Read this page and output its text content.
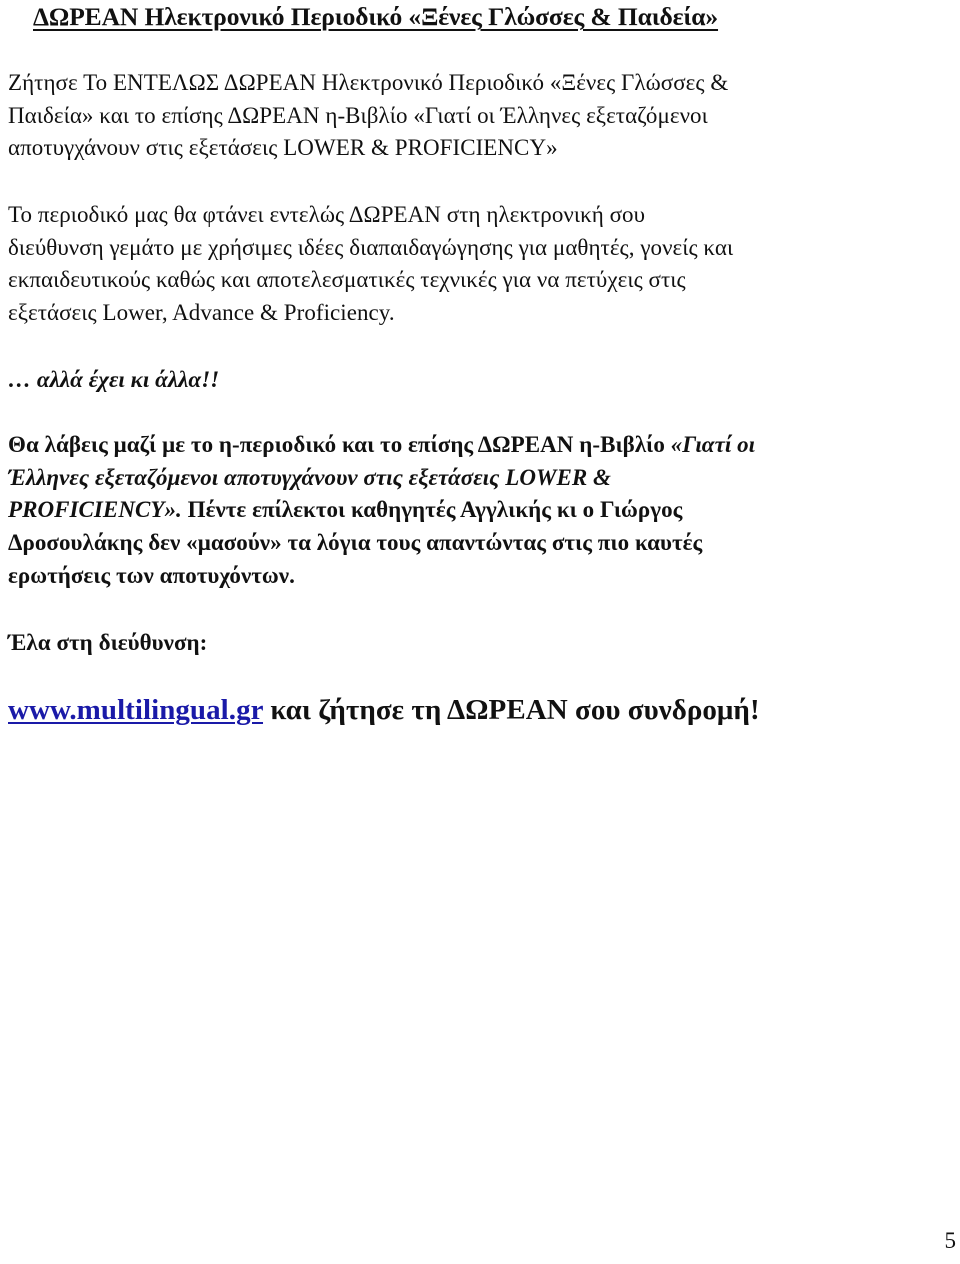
ΔΩΡΕΑΝ Ηλεκτρονικό Περιοδικό «Ξένες Γλώσσες & Παιδεία»
Ζήτησε Το ΕΝΤΕΛΩΣ ΔΩΡΕΑΝ Ηλεκτρονικό Περιοδικό «Ξένες Γλώσσες &
Παιδεία» και το επίσης ΔΩΡΕΑΝ η-Βιβλίο «Γιατί οι Έλληνες εξεταζόμενοι
αποτυγχάνουν στις εξετάσεις LOWER & PROFICIENCY»
Το περιοδικό μας θα φτάνει εντελώς ΔΩΡΕΑΝ στη ηλεκτρονική σου
διεύθυνση γεμάτο με χρήσιμες ιδέες διαπαιδαγώγησης για μαθητές, γονείς και
εκπαιδευτικούς καθώς και αποτελεσματικές τεχνικές για να πετύχεις στις
εξετάσεις Lower, Advance & Proficiency.
… αλλά έχει κι άλλα!!
Θα λάβεις μαζί με το η-περιοδικό και το επίσης ΔΩΡΕΑΝ η-Βιβλίο «Γιατί οι
Έλληνες εξεταζόμενοι αποτυγχάνουν στις εξετάσεις LOWER &
PROFICIENCY». Πέντε επίλεκτοι καθηγητές Αγγλικής κι ο Γιώργος
Δροσουλάκης δεν «μασούν» τα λόγια τους απαντώντας στις πιο καυτές
ερωτήσεις των αποτυχόντων.
Έλα στη διεύθυνση:
www.multilingual.gr και ζήτησε τη ΔΩΡΕΑΝ σου συνδρομή!
5
